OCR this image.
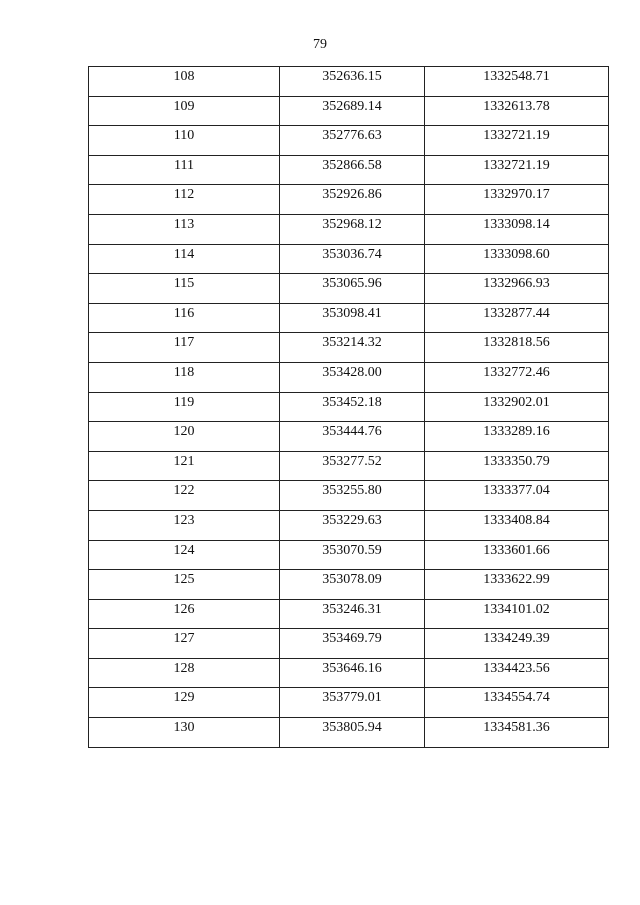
79
108	352636.15	1332548.71
109	352689.14	1332613.78
110	352776.63	1332721.19
111	352866.58	1332721.19
112	352926.86	1332970.17
113	352968.12	1333098.14
114	353036.74	1333098.60
115	353065.96	1332966.93
116	353098.41	1332877.44
117	353214.32	1332818.56
118	353428.00	1332772.46
119	353452.18	1332902.01
120	353444.76	1333289.16
121	353277.52	1333350.79
122	353255.80	1333377.04
123	353229.63	1333408.84
124	353070.59	1333601.66
125	353078.09	1333622.99
126	353246.31	1334101.02
127	353469.79	1334249.39
128	353646.16	1334423.56
129	353779.01	1334554.74
130	353805.94	1334581.36
